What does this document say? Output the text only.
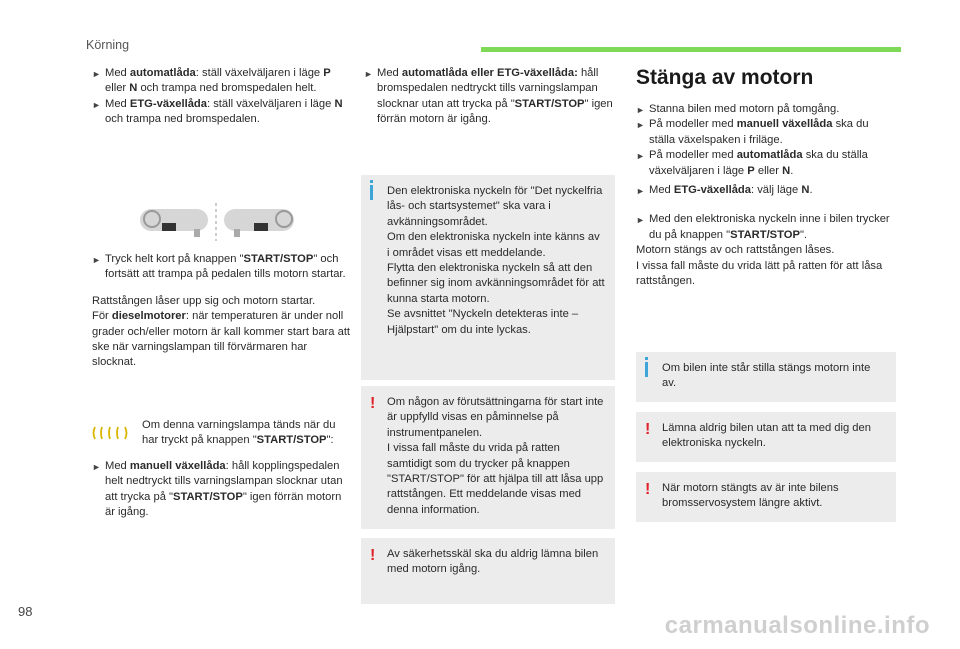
Körning

► Med automatlåda: ställ växelväljaren i läge P eller N och trampa ned bromspedalen helt.

► Med ETG-växellåda: ställ växelväljaren i läge N och trampa ned bromspedalen.

► Tryck helt kort på knappen "START/STOP" och fortsätt att trampa på pedalen tills motorn startar.

Rattstången låser upp sig och motorn startar.

För dieselmotorer: när temperaturen är under noll grader och/eller motorn är kall kommer start bara att ske när varningslampan till förvärmaren har slocknat.

Om denna varningslampa tänds när du har tryckt på knappen "START/STOP":

► Med manuell växellåda: håll kopplingspedalen helt nedtryckt tills varningslampan slocknar utan att trycka på "START/STOP" igen förrän motorn är igång.

► Med automatlåda eller ETG-växellåda: håll bromspedalen nedtryckt tills varningslampan slocknar utan att trycka på "START/STOP" igen förrän motorn är igång.

Den elektroniska nyckeln för "Det nyckelfria lås- och startsystemet" ska vara i avkänningsområdet.

Om den elektroniska nyckeln inte känns av i området visas ett meddelande.

Flytta den elektroniska nyckeln så att den befinner sig inom avkänningsområdet för att kunna starta motorn.

Se avsnittet "Nyckeln detekteras inte – Hjälpstart" om du inte lyckas.

! Om någon av förutsättningarna för start inte är uppfylld visas en påminnelse på instrumentpanelen.

I vissa fall måste du vrida på ratten samtidigt som du trycker på knappen "START/STOP" för att hjälpa till att låsa upp rattstången. Ett meddelande visas med denna information.

! Av säkerhetsskäl ska du aldrig lämna bilen med motorn igång.

Stänga av motorn

► Stanna bilen med motorn på tomgång.

► På modeller med manuell växellåda ska du ställa växelspaken i friläge.

► På modeller med automatlåda ska du ställa växelväljaren i läge P eller N.

► Med ETG-växellåda: välj läge N.

► Med den elektroniska nyckeln inne i bilen trycker du på knappen "START/STOP".

Motorn stängs av och rattstången låses.

I vissa fall måste du vrida lätt på ratten för att låsa rattstången.

Om bilen inte står stilla stängs motorn inte av.

! Lämna aldrig bilen utan att ta med dig den elektroniska nyckeln.

! När motorn stängts av är inte bilens bromsservosystem längre aktivt.

98
carmanualsonline.info
